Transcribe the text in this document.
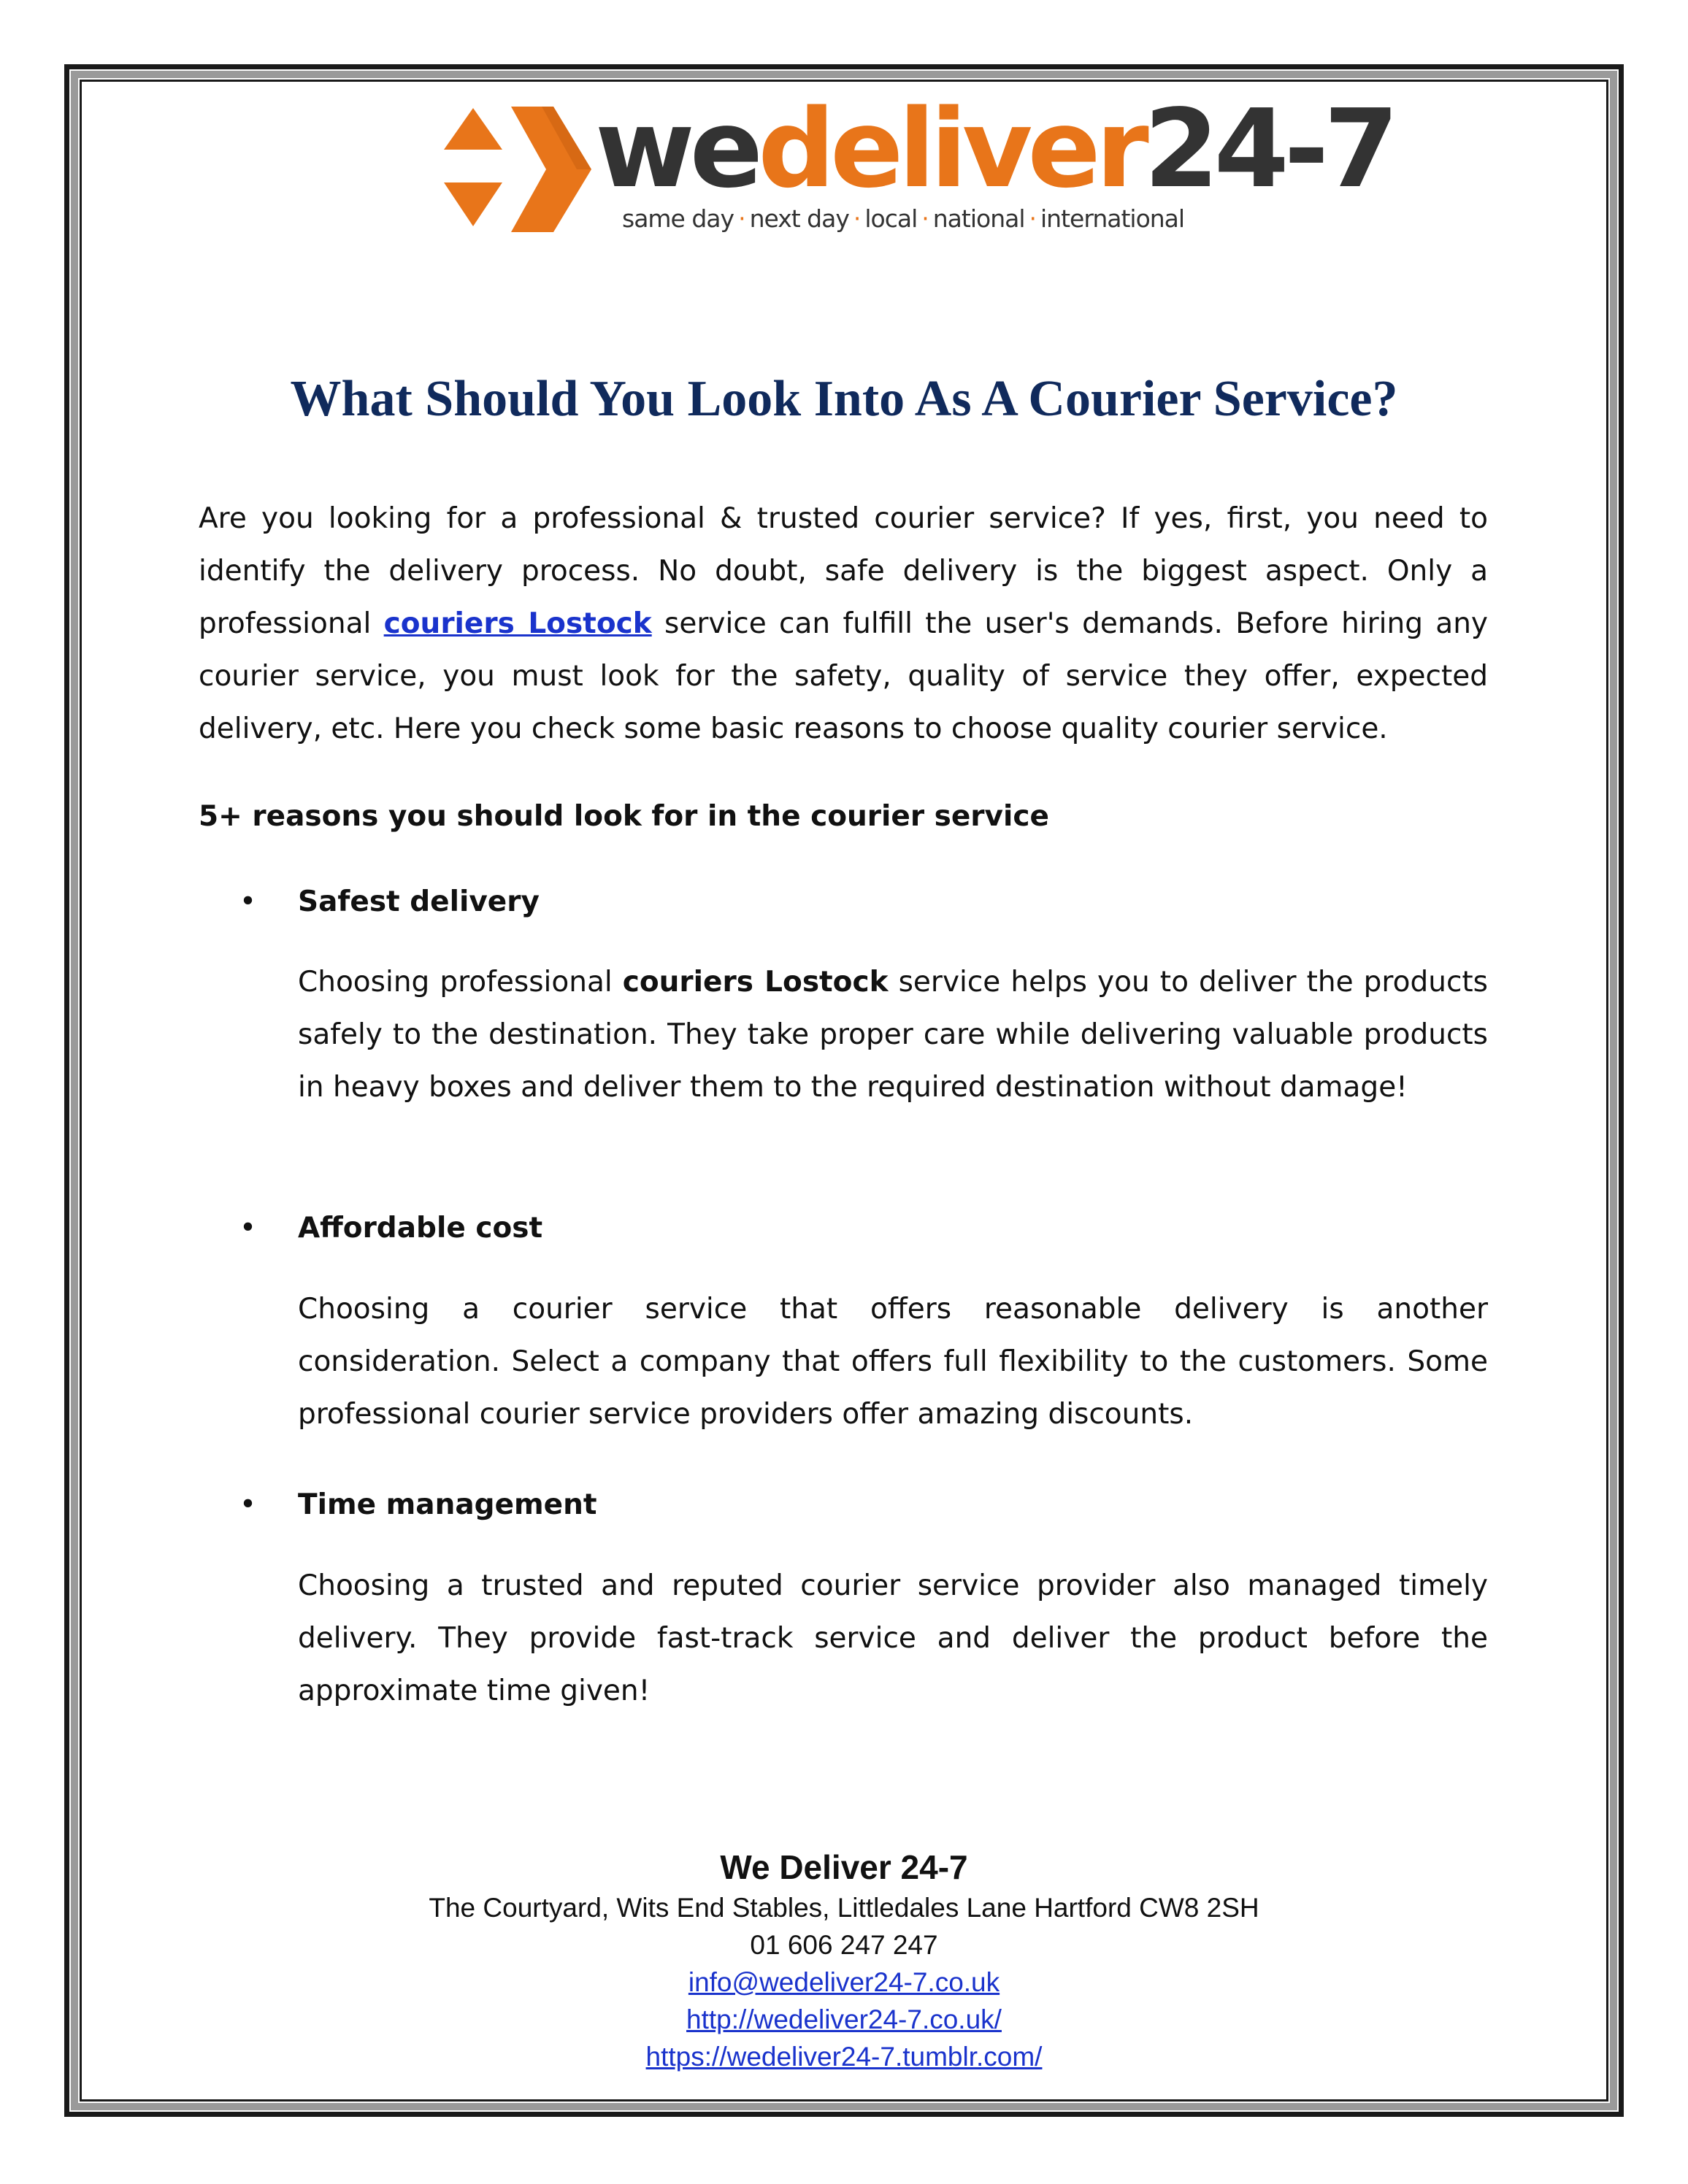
wedeliver24-7
same day · next day · local · national · international
What Should You Look Into As A Courier Service?

Are you looking for a professional & trusted courier service? If yes, first, you need to identify the delivery process. No doubt, safe delivery is the biggest aspect. Only a professional couriers Lostock service can fulfill the user's demands. Before hiring any courier service, you must look for the safety, quality of service they offer, expected delivery, etc. Here you check some basic reasons to choose quality courier service.

5+ reasons you should look for in the courier service
• Safest delivery

Choosing professional couriers Lostock service helps you to deliver the products safely to the destination. They take proper care while delivering valuable products in heavy boxes and deliver them to the required destination without damage!

• Affordable cost

Choosing a courier service that offers reasonable delivery is another

consideration. Select a company that offers full flexibility to the customers. Some professional courier service providers offer amazing discounts.

• Time management

Choosing a trusted and reputed courier service provider also managed timely delivery. They provide fast-track service and deliver the product before the approximate time given!

We Deliver 24-7
The Courtyard, Wits End Stables, Littledales Lane Hartford CW8 2SH
01 606 247 247
info@wedeliver24-7.co.uk
http://wedeliver24-7.co.uk/
https://wedeliver24-7.tumblr.com/
